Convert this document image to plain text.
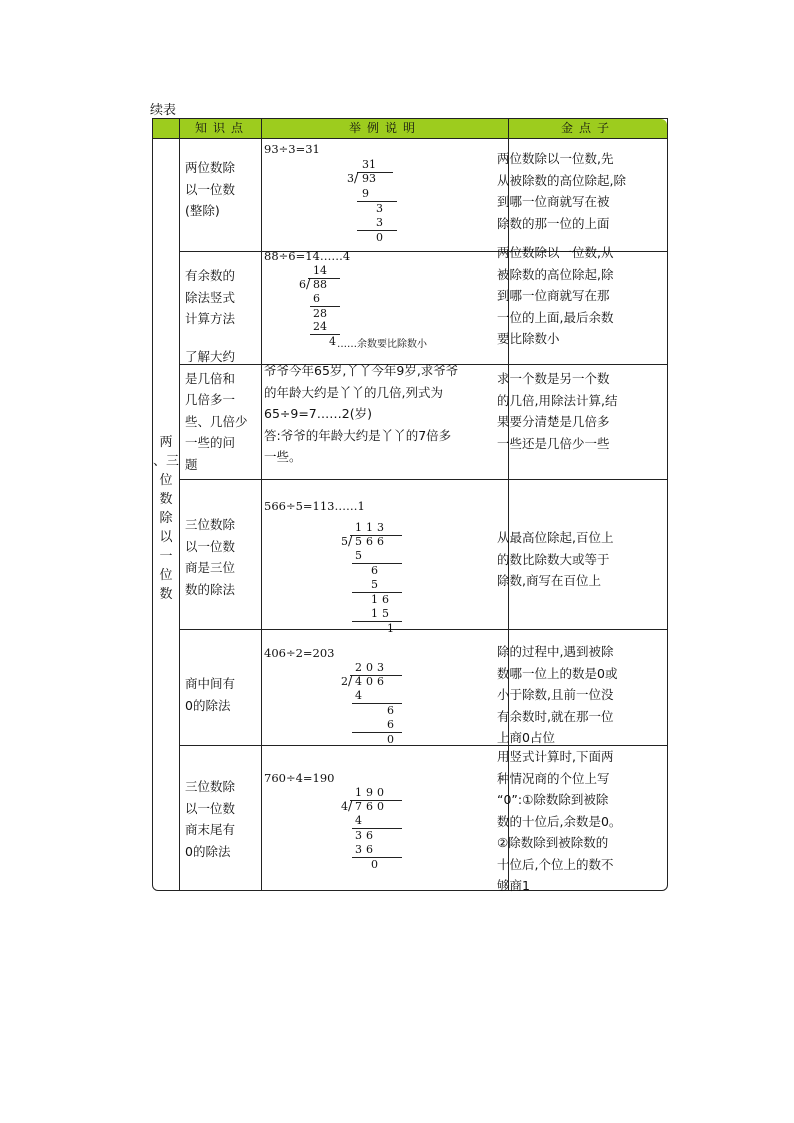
续表
知识点	举例说明	金点子
两
、三
位
数
除
以
一
位
数
两位数除
以一位数
(整除)
93÷3=31
31
3 / 93
9
3
3
0
两位数除以一位数,先
从被除数的高位除起,除
到哪一位商就写在被
除数的那一位的上面
有余数的
除法竖式
计算方法
88÷6=14……4
14
6 / 88
6
28
24
4 ……余数要比除数小
两位数除以一位数,从
被除数的高位除起,除
到哪一位商就写在那
一位的上面,最后余数
要比除数小
了解大约
是几倍和
几倍多一
些、几倍少
一些的问
题
爷爷今年65岁,丫丫今年9岁,求爷爷
的年龄大约是丫丫的几倍,列式为
65÷9=7……2(岁)
答:爷爷的年龄大约是丫丫的7倍多
一些。
求一个数是另一个数
的几倍,用除法计算,结
果要分清楚是几倍多
一些还是几倍少一些
三位数除
以一位数
商是三位
数的除法
566÷5=113……1
113
5 / 566
5
6
5
16
15
1
从最高位除起,百位上
的数比除数大或等于
除数,商写在百位上
商中间有
0的除法
406÷2=203
203
2 / 406
4
6
6
0
除的过程中,遇到被除
数哪一位上的数是0或
小于除数,且前一位没
有余数时,就在那一位
上商0占位
三位数除
以一位数
商末尾有
0的除法
760÷4=190
190
4 / 760
4
36
36
0
用竖式计算时,下面两
种情况商的个位上写
“0”:①除数除到被除
数的十位后,余数是0。
②除数除到被除数的
十位后,个位上的数不
够商1
